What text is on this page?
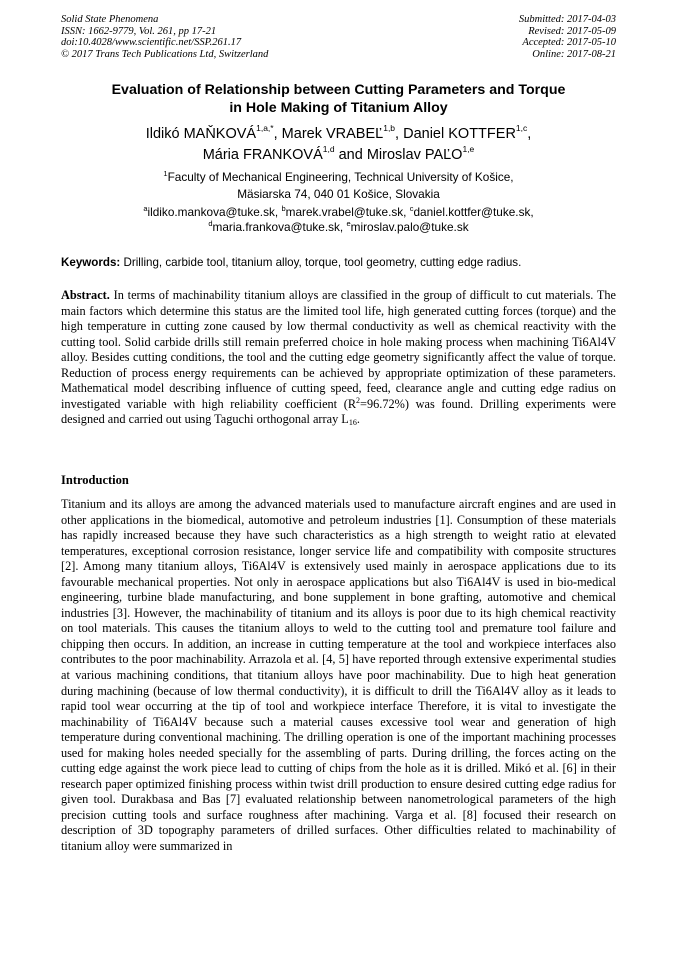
Solid State Phenomena
ISSN: 1662-9779, Vol. 261, pp 17-21
doi:10.4028/www.scientific.net/SSP.261.17
© 2017 Trans Tech Publications Ltd, Switzerland
Submitted: 2017-04-03
Revised: 2017-05-09
Accepted: 2017-05-10
Online: 2017-08-21
Evaluation of Relationship between Cutting Parameters and Torque
in Hole Making of Titanium Alloy
Ildikó $MAŇKOVÁ^{1,a,*}$, Marek VRABEĽ$^{1,b}$, Daniel KOTTFER$^{1,c}$,
Mária FRANKOVÁ$^{1,d}$ and Miroslav PAĽO$^{1,e}$
$^1$Faculty of Mechanical Engineering, Technical University of Košice,
Mäsiarska 74, 040 01 Košice, Slovakia
$^a$ildiko.mankova@tuke.sk, $^b$marek.vrabel@tuke.sk, $^c$daniel.kottfer@tuke.sk,
$^d$maria.frankova@tuke.sk, $^e$miroslav.palo@tuke.sk
Keywords: Drilling, carbide tool, titanium alloy, torque, tool geometry, cutting edge radius.
Abstract. In terms of machinability titanium alloys are classified in the group of difficult to cut materials. The main factors which determine this status are the limited tool life, high generated cutting forces (torque) and the high temperature in cutting zone caused by low thermal conductivity as well as chemical reactivity with the cutting tool. Solid carbide drills still remain preferred choice in hole making process when machining Ti6Al4V alloy. Besides cutting conditions, the tool and the cutting edge geometry significantly affect the value of torque. Reduction of process energy requirements can be achieved by appropriate optimization of these parameters. Mathematical model describing influence of cutting speed, feed, clearance angle and cutting edge radius on investigated variable with high reliability coefficient $(R^2=96.72\%)$ was found. Drilling experiments were designed and carried out using Taguchi orthogonal array $L_{16}$.
Introduction
Titanium and its alloys are among the advanced materials used to manufacture aircraft engines and are used in other applications in the biomedical, automotive and petroleum industries [1]. Consumption of these materials has rapidly increased because they have such characteristics as a high strength to weight ratio at elevated temperatures, exceptional corrosion resistance, longer service life and compatibility with composite structures [2]. Among many titanium alloys, Ti6Al4V is extensively used mainly in aerospace applications due to its favourable mechanical properties. Not only in aerospace applications but also Ti6Al4V is used in bio-medical engineering, turbine blade manufacturing, and bone supplement in bone grafting, automotive and chemical industries [3]. However, the machinability of titanium and its alloys is poor due to its high chemical reactivity on tool materials. This causes the titanium alloys to weld to the cutting tool and premature tool failure and chipping then occurs. In addition, an increase in cutting temperature at the tool and workpiece interfaces also contributes to the poor machinability. Arrazola et al. [4, 5] have reported through extensive experimental studies at various machining conditions, that titanium alloys have poor machinability. Due to high heat generation during machining (because of low thermal conductivity), it is difficult to drill the Ti6Al4V alloy as it leads to rapid tool wear occurring at the tip of tool and workpiece interface Therefore, it is vital to investigate the machinability of Ti6Al4V because such a material causes excessive tool wear and generation of high temperature during conventional machining. The drilling operation is one of the important machining processes used for making holes needed specially for the assembling of parts. During drilling, the forces acting on the cutting edge against the work piece lead to cutting of chips from the hole as it is drilled. Mikó et al. [6] in their research paper optimized finishing process within twist drill production to ensure desired cutting edge radius for given tool. Durakbasa and Bas [7] evaluated relationship between nanometrological parameters of the high precision cutting tools and surface roughness after machining. Varga et al. [8] focused their research on description of 3D topography parameters of drilled surfaces. Other difficulties related to machinability of titanium alloy were summarized in
